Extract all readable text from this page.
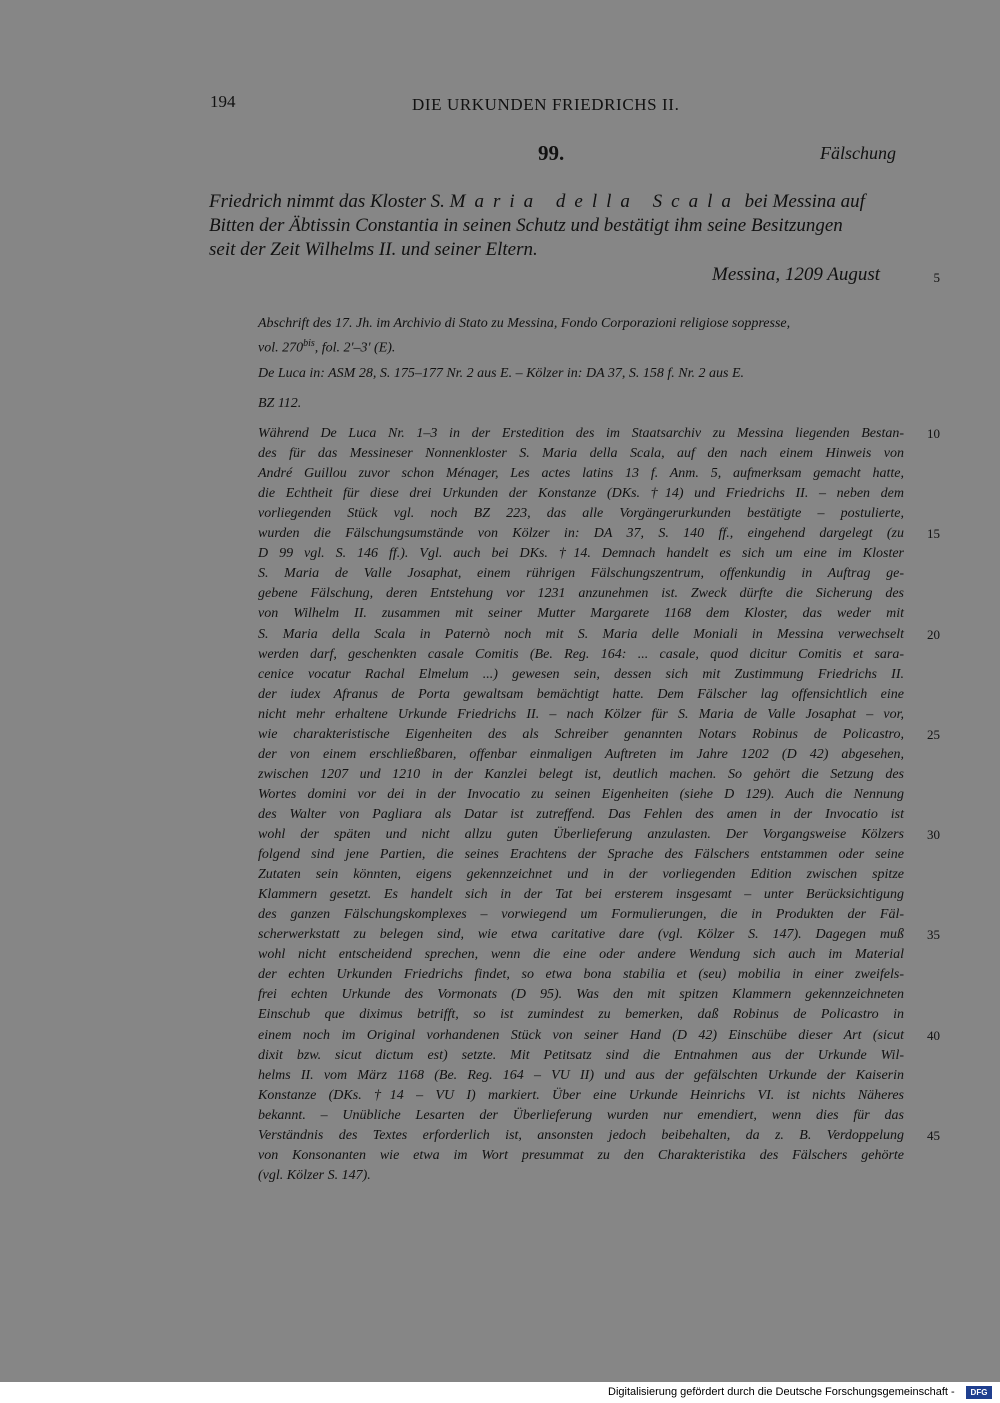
194	DIE URKUNDEN FRIEDRICHS II.
99.	Fälschung
Friedrich nimmt das Kloster S. Maria della Scala bei Messina auf
Bitten der Äbtissin Constantia in seinen Schutz und bestätigt ihm seine Besitzungen
seit der Zeit Wilhelms II. und seiner Eltern.
Messina, 1209 August	5
Abschrift des 17. Jh. im Archivio di Stato zu Messina, Fondo Corporazioni religiose soppresse,
vol. $270^{bis}$, fol. 2'–3' (E).
De Luca in: ASM 28, S. 175–177 Nr. 2 aus E. – Kölzer in: DA 37, S. 158 f. Nr. 2 aus E.
BZ 112.
Während De Luca Nr. 1–3 in der Erstedition des im Staatsarchiv zu Messina liegenden Bestan-
des für das Messineser Nonnenkloster S. Maria della Scala, auf den nach einem Hinweis von
André Guillou zuvor schon Ménager, Les actes latins 13 f. Anm. 5, aufmerksam gemacht hatte,
die Echtheit für diese drei Urkunden der Konstanze (DKs. †14) und Friedrichs II. – neben dem
vorliegenden Stück vgl. noch BZ 223, das alle Vorgängerurkunden bestätigte – postulierte,
wurden die Fälschungsumstände von Kölzer in: DA 37, S. 140 ff., eingehend dargelegt (zu
D 99 vgl. S. 146 ff.). Vgl. auch bei DKs. †14. Demnach handelt es sich um eine im Kloster
S. Maria de Valle Josaphat, einem rührigen Fälschungszentrum, offenkundig in Auftrag ge-
gebene Fälschung, deren Entstehung vor 1231 anzunehmen ist. Zweck dürfte die Sicherung des
von Wilhelm II. zusammen mit seiner Mutter Margarete 1168 dem Kloster, das weder mit
S. Maria della Scala in Paternò noch mit S. Maria delle Moniali in Messina verwechselt
werden darf, geschenkten casale Comitis (Be. Reg. 164: ... casale, quod dicitur Comitis et sara-
cenice vocatur Rachal Elmelum ...) gewesen sein, dessen sich mit Zustimmung Friedrichs II.
der iudex Afranus de Porta gewaltsam bemächtigt hatte. Dem Fälscher lag offensichtlich eine
nicht mehr erhaltene Urkunde Friedrichs II. – nach Kölzer für S. Maria de Valle Josaphat – vor,
wie charakteristische Eigenheiten des als Schreiber genannten Notars Robinus de Policastro,
der von einem erschließbaren, offenbar einmaligen Auftreten im Jahre 1202 (D 42) abgesehen,
zwischen 1207 und 1210 in der Kanzlei belegt ist, deutlich machen. So gehört die Setzung des
Wortes domini vor dei in der Invocatio zu seinen Eigenheiten (siehe D 129). Auch die Nennung
des Walter von Pagliara als Datar ist zutreffend. Das Fehlen des amen in der Invocatio ist
wohl der späten und nicht allzu guten Überlieferung anzulasten. Der Vorgangsweise Kölzers
folgend sind jene Partien, die seines Erachtens der Sprache des Fälschers entstammen oder seine
Zutaten sein könnten, eigens gekennzeichnet und in der vorliegenden Edition zwischen spitze
Klammern gesetzt. Es handelt sich in der Tat bei ersterem insgesamt – unter Berücksichtigung
des ganzen Fälschungskomplexes – vorwiegend um Formulierungen, die in Produkten der Fäl-
scherwerkstatt zu belegen sind, wie etwa caritative dare (vgl. Kölzer S. 147). Dagegen muß
wohl nicht entscheidend sprechen, wenn die eine oder andere Wendung sich auch im Material
der echten Urkunden Friedrichs findet, so etwa bona stabilia et (seu) mobilia in einer zweifels-
frei echten Urkunde des Vormonats (D 95). Was den mit spitzen Klammern gekennzeichneten
Einschub que diximus betrifft, so ist zumindest zu bemerken, daß Robinus de Policastro in
einem noch im Original vorhandenen Stück von seiner Hand (D 42) Einschübe dieser Art (sicut
dixit bzw. sicut dictum est) setzte. Mit Petitsatz sind die Entnahmen aus der Urkunde Wil-
helms II. vom März 1168 (Be. Reg. 164 – VU II) und aus der gefälschten Urkunde der Kaiserin
Konstanze (DKs. †14 – VU I) markiert. Über eine Urkunde Heinrichs VI. ist nichts Näheres
bekannt. – Unübliche Lesarten der Überlieferung wurden nur emendiert, wenn dies für das
Verständnis des Textes erforderlich ist, ansonsten jedoch beibehalten, da z. B. Verdoppelung
von Konsonanten wie etwa im Wort presummat zu den Charakteristika des Fälschers gehörte
(vgl. Kölzer S. 147).
10
15
20
25
30
35
40
45
Digitalisierung gefördert durch die Deutsche Forschungsgemeinschaft -	DFG
